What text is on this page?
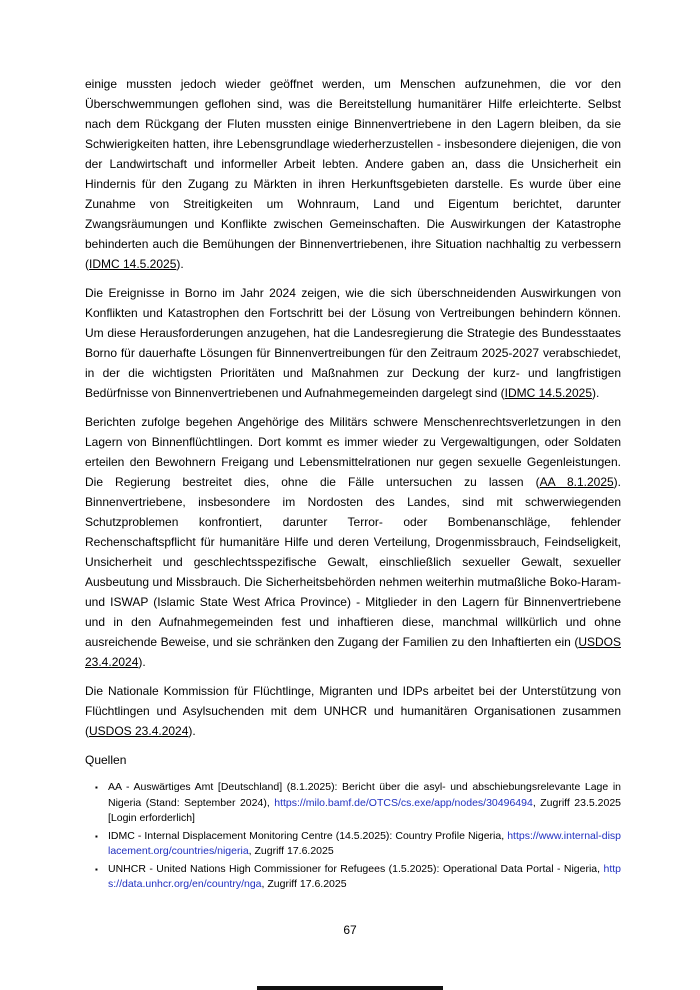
einige mussten jedoch wieder geöffnet werden, um Menschen aufzunehmen, die vor den Überschwemmungen geflohen sind, was die Bereitstellung humanitärer Hilfe erleichterte. Selbst nach dem Rückgang der Fluten mussten einige Binnenvertriebene in den Lagern bleiben, da sie Schwierigkeiten hatten, ihre Lebensgrundlage wiederherzustellen - insbesondere diejenigen, die von der Landwirtschaft und informeller Arbeit lebten. Andere gaben an, dass die Unsicherheit ein Hindernis für den Zugang zu Märkten in ihren Herkunftsgebieten darstelle. Es wurde über eine Zunahme von Streitigkeiten um Wohnraum, Land und Eigentum berichtet, darunter Zwangsräumungen und Konflikte zwischen Gemeinschaften. Die Auswirkungen der Katastrophe behinderten auch die Bemühungen der Binnenvertriebenen, ihre Situation nachhaltig zu verbessern (IDMC 14.5.2025).

Die Ereignisse in Borno im Jahr 2024 zeigen, wie die sich überschneidenden Auswirkungen von Konflikten und Katastrophen den Fortschritt bei der Lösung von Vertreibungen behindern können. Um diese Herausforderungen anzugehen, hat die Landesregierung die Strategie des Bundesstaates Borno für dauerhafte Lösungen für Binnenvertreibungen für den Zeitraum 2025-2027 verabschiedet, in der die wichtigsten Prioritäten und Maßnahmen zur Deckung der kurz- und langfristigen Bedürfnisse von Binnenvertriebenen und Aufnahmegemeinden dargelegt sind (IDMC 14.5.2025).

Berichten zufolge begehen Angehörige des Militärs schwere Menschenrechtsverletzungen in den Lagern von Binnenflüchtlingen. Dort kommt es immer wieder zu Vergewaltigungen, oder Soldaten erteilen den Bewohnern Freigang und Lebensmittelrationen nur gegen sexuelle Gegenleistungen. Die Regierung bestreitet dies, ohne die Fälle untersuchen zu lassen (AA 8.1.2025). Binnenvertriebene, insbesondere im Nordosten des Landes, sind mit schwerwiegenden Schutzproblemen konfrontiert, darunter Terror- oder Bombenanschläge, fehlender Rechenschaftspflicht für humanitäre Hilfe und deren Verteilung, Drogenmissbrauch, Feindseligkeit, Unsicherheit und geschlechtsspezifische Gewalt, einschließlich sexueller Gewalt, sexueller Ausbeutung und Missbrauch. Die Sicherheitsbehörden nehmen weiterhin mutmaßliche Boko-Haram- und ISWAP (Islamic State West Africa Province) - Mitglieder in den Lagern für Binnenvertriebene und in den Aufnahmegemeinden fest und inhaftieren diese, manchmal willkürlich und ohne ausreichende Beweise, und sie schränken den Zugang der Familien zu den Inhaftierten ein (USDOS 23.4.2024).

Die Nationale Kommission für Flüchtlinge, Migranten und IDPs arbeitet bei der Unterstützung von Flüchtlingen und Asylsuchenden mit dem UNHCR und humanitären Organisationen zusammen (USDOS 23.4.2024).

Quellen

▪ AA - Auswärtiges Amt [Deutschland] (8.1.2025): Bericht über die asyl- und abschiebungsrelevante Lage in Nigeria (Stand: September 2024), https://milo.bamf.de/OTCS/cs.exe/app/nodes/30496494, Zugriff 23.5.2025 [Login erforderlich]
▪ IDMC - Internal Displacement Monitoring Centre (14.5.2025): Country Profile Nigeria, https://www.internal-displacement.org/countries/nigeria, Zugriff 17.6.2025
▪ UNHCR - United Nations High Commissioner for Refugees (1.5.2025): Operational Data Portal - Nigeria, https://data.unhcr.org/en/country/nga, Zugriff 17.6.2025
67
